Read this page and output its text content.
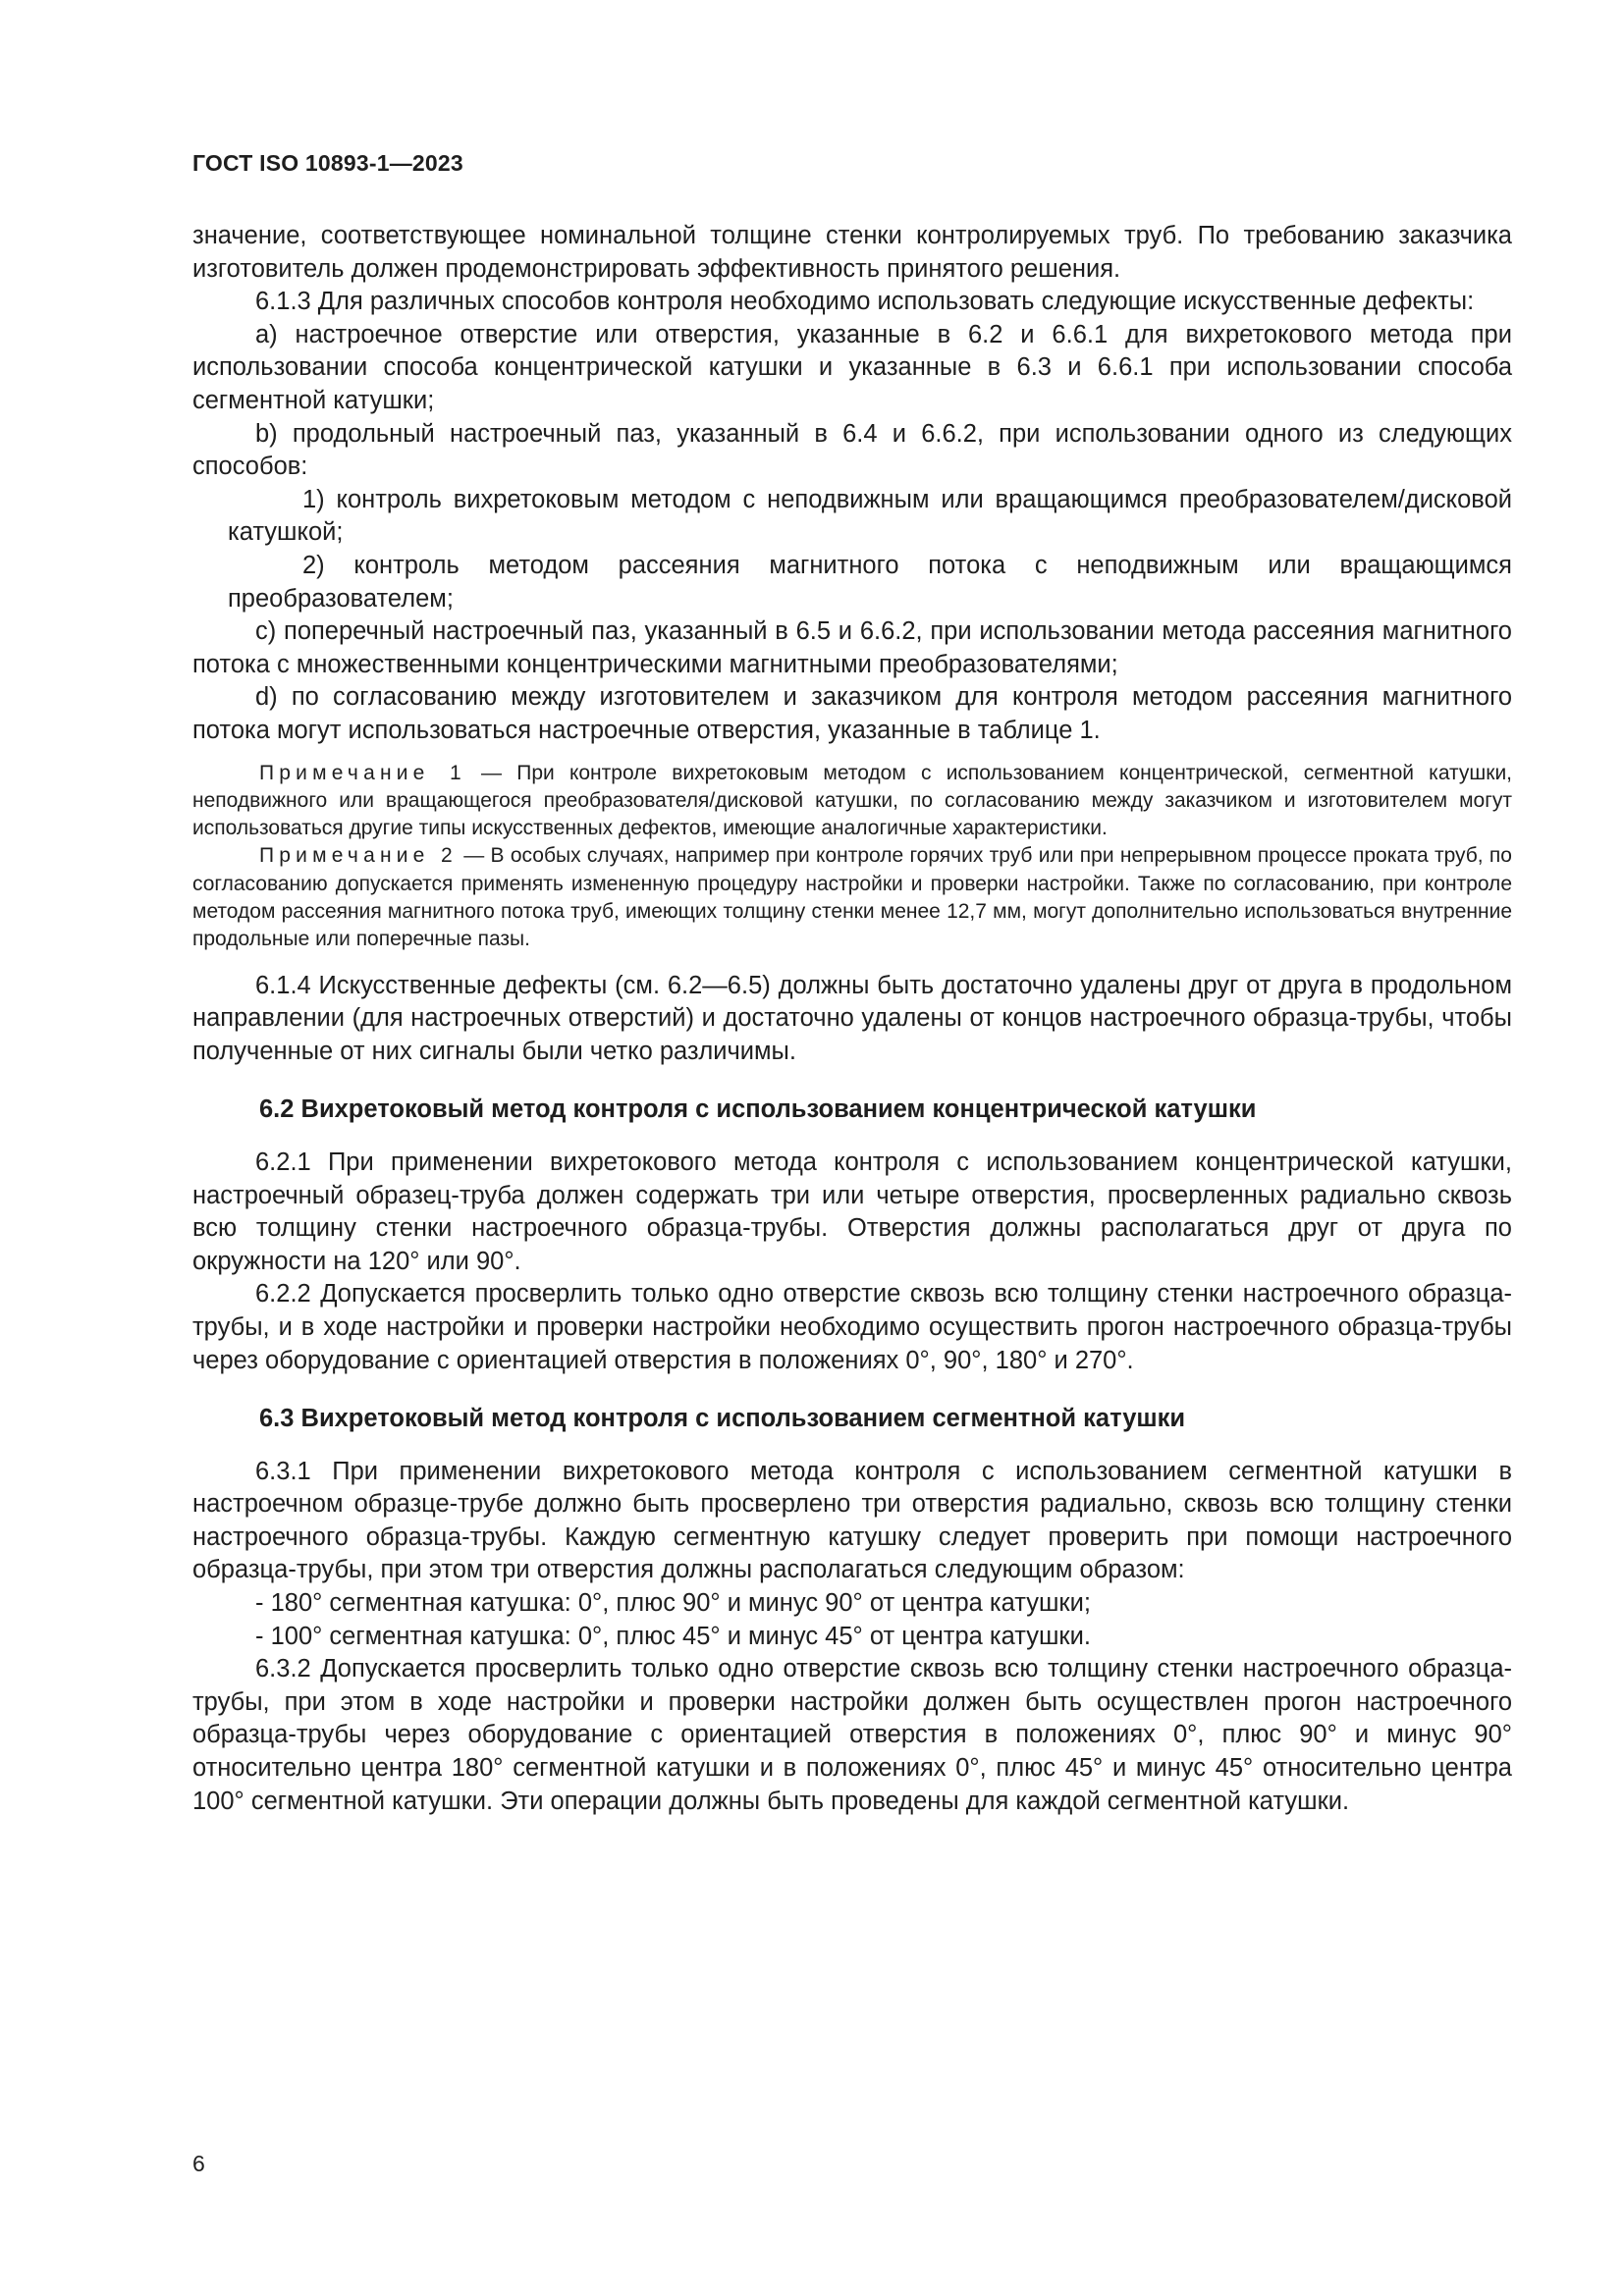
ГОСТ ISO 10893-1—2023

значение, соответствующее номинальной толщине стенки контролируемых труб. По требованию заказчика изготовитель должен продемонстрировать эффективность принятого решения.

6.1.3 Для различных способов контроля необходимо использовать следующие искусственные дефекты:

а) настроечное отверстие или отверстия, указанные в 6.2 и 6.6.1 для вихретокового метода при использовании способа концентрической катушки и указанные в 6.3 и 6.6.1 при использовании способа сегментной катушки;

b) продольный настроечный паз, указанный в 6.4 и 6.6.2, при использовании одного из следующих способов:

1) контроль вихретоковым методом с неподвижным или вращающимся преобразователем/дисковой катушкой;

2) контроль методом рассеяния магнитного потока с неподвижным или вращающимся преобразователем;

с) поперечный настроечный паз, указанный в 6.5 и 6.6.2, при использовании метода рассеяния магнитного потока с множественными концентрическими магнитными преобразователями;

d) по согласованию между изготовителем и заказчиком для контроля методом рассеяния магнитного потока могут использоваться настроечные отверстия, указанные в таблице 1.

Примечание 1 — При контроле вихретоковым методом с использованием концентрической, сегментной катушки, неподвижного или вращающегося преобразователя/дисковой катушки, по согласованию между заказчиком и изготовителем могут использоваться другие типы искусственных дефектов, имеющие аналогичные характеристики.

Примечание 2 — В особых случаях, например при контроле горячих труб или при непрерывном процессе проката труб, по согласованию допускается применять измененную процедуру настройки и проверки настройки. Также по согласованию, при контроле методом рассеяния магнитного потока труб, имеющих толщину стенки менее 12,7 мм, могут дополнительно использоваться внутренние продольные или поперечные пазы.

6.1.4 Искусственные дефекты (см. 6.2—6.5) должны быть достаточно удалены друг от друга в продольном направлении (для настроечных отверстий) и достаточно удалены от концов настроечного образца-трубы, чтобы полученные от них сигналы были четко различимы.

6.2 Вихретоковый метод контроля с использованием концентрической катушки

6.2.1 При применении вихретокового метода контроля с использованием концентрической катушки, настроечный образец-труба должен содержать три или четыре отверстия, просверленных радиально сквозь всю толщину стенки настроечного образца-трубы. Отверстия должны располагаться друг от друга по окружности на 120° или 90°.

6.2.2 Допускается просверлить только одно отверстие сквозь всю толщину стенки настроечного образца-трубы, и в ходе настройки и проверки настройки необходимо осуществить прогон настроечного образца-трубы через оборудование с ориентацией отверстия в положениях 0°, 90°, 180° и 270°.

6.3 Вихретоковый метод контроля с использованием сегментной катушки

6.3.1 При применении вихретокового метода контроля с использованием сегментной катушки в настроечном образце-трубе должно быть просверлено три отверстия радиально, сквозь всю толщину стенки настроечного образца-трубы. Каждую сегментную катушку следует проверить при помощи настроечного образца-трубы, при этом три отверстия должны располагаться следующим образом:

- 180° сегментная катушка: 0°, плюс 90° и минус 90° от центра катушки;

- 100° сегментная катушка: 0°, плюс 45° и минус 45° от центра катушки.

6.3.2 Допускается просверлить только одно отверстие сквозь всю толщину стенки настроечного образца-трубы, при этом в ходе настройки и проверки настройки должен быть осуществлен прогон настроечного образца-трубы через оборудование с ориентацией отверстия в положениях 0°, плюс 90° и минус 90° относительно центра 180° сегментной катушки и в положениях 0°, плюс 45° и минус 45° относительно центра 100° сегментной катушки. Эти операции должны быть проведены для каждой сегментной катушки.

6
